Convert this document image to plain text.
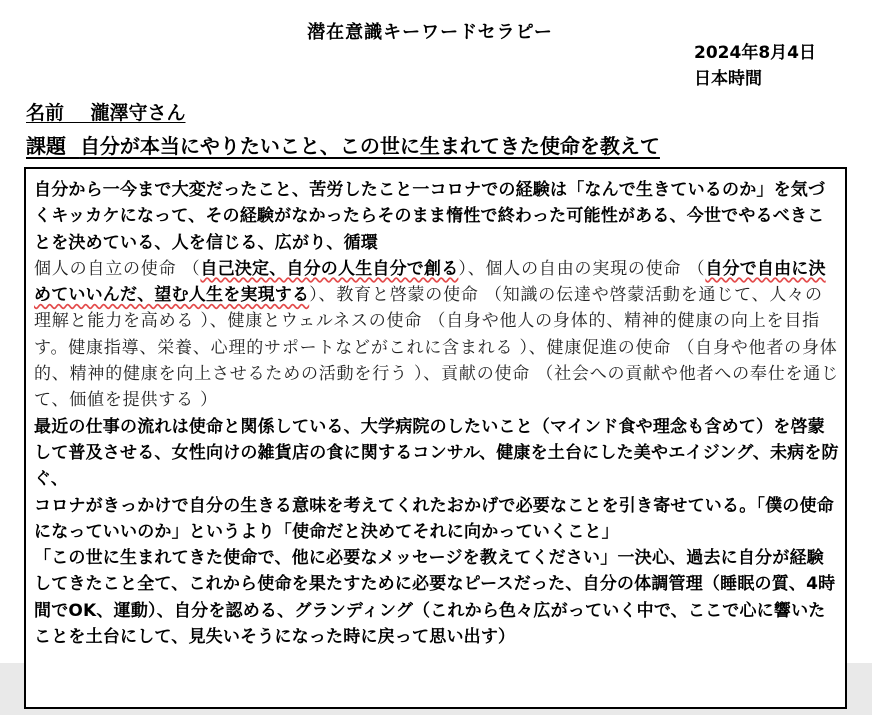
潜在意識キーワードセラピー
2024年8月4日
日本時間
名前 瀧澤守さん
課題 自分が本当にやりたいこと、この世に生まれてきた使命を教えて

自分から一今まで大変だったこと、苦労したこと一コロナでの経験は「なんで生きているのか」を気づくキッカケになって、その経験がなかったらそのまま惰性で終わった可能性がある、今世でやるべきことを決めている、人を信じる、広がり、循環

個人の自立の使命 （自己決定、自分の人生自分で創る）、個人の自由の実現の使命 （自分で自由に決めていいんだ、望む人生を実現する）、教育と啓蒙の使命 （知識の伝達や啓蒙活動を通じて、人々の理解と能力を高める ）、健康とウェルネスの使命 （自身や他人の身体的、精神的健康の向上を目指す。健康指導、栄養、心理的サポートなどがこれに含まれる ）、健康促進の使命 （自身や他者の身体的、精神的健康を向上させるための活動を行う ）、貢献の使命 （社会への貢献や他者への奉仕を通じて、価値を提供する ）

最近の仕事の流れは使命と関係している、大学病院のしたいこと（マインド食や理念も含めて）を啓蒙して普及させる、女性向けの雑貨店の食に関するコンサル、健康を土台にした美やエイジング、未病を防ぐ、

コロナがきっかけで自分の生きる意味を考えてくれたおかげで必要なことを引き寄せている。「僕の使命になっていいのか」というより「使命だと決めてそれに向かっていくこと」

「この世に生まれてきた使命で、他に必要なメッセージを教えてください」一決心、過去に自分が経験してきたこと全て、これから使命を果たすために必要なピースだった、自分の体調管理（睡眠の質、4時間でOK、運動）、自分を認める、グランディング（これから色々広がっていく中で、ここで心に響いたことを土台にして、見失いそうになった時に戻って思い出す）
